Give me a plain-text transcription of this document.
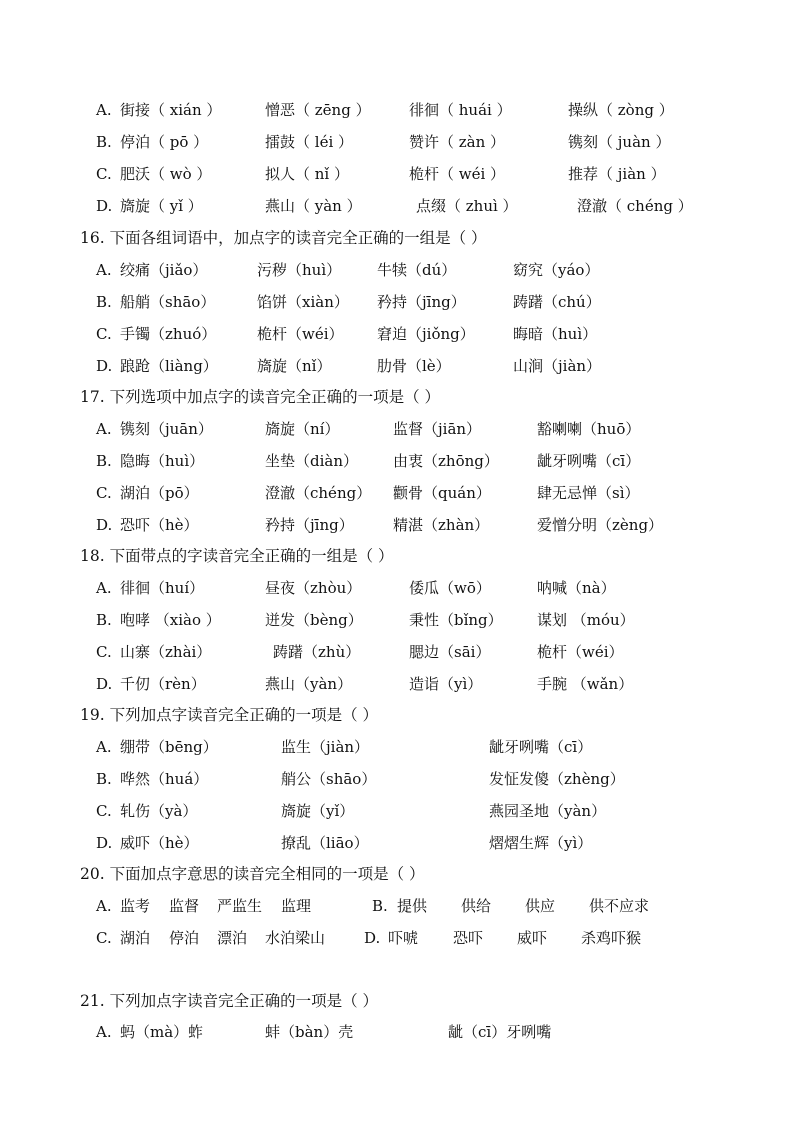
A. 街接（ xián ）	憎恶（ zēng ）	徘徊（ huái ）	操纵（ zòng ）
B. 停泊（ pō ）	擂鼓（ léi ）	赞许（ zàn ）	镌刻（ juàn ）
C. 肥沃（ wò ）	拟人（ nǐ ）	桅杆（ wéi ）	推荐（ jiàn ）
D. 旖旋（ yǐ ）	燕山（ yàn ）	点缀（ zhuì ）	澄澈（ chéng ）
16. 下面各组词语中，加点字的读音完全正确的一组是（ ）
A. 绞痛（jiǎo）	污秽（huì） 牛犊（dú）	窈究（yáo）
B. 船艄（shāo）	馅饼（xiàn） 矜持（jīng）	踌躇（chú）
C. 手镯（zhuó）	桅杆（wéi） 窘迫（jiǒng）	晦暗（huì）
D. 踉跄（liàng）	旖旋（nǐ）	肋骨（lè）	山涧（jiàn）
17. 下列选项中加点字的读音完全正确的一项是（ ）
A. 镌刻（juān）	旖旋（ní）	监督（jiān）	豁喇喇（huō）
B. 隐晦（huì）	坐垫（diàn） 由衷（zhōng）	龇牙咧嘴（cī）
C. 湖泊（pō）	澄澈（chéng） 颧骨（quán）	肆无忌惮（sì）
D. 恐吓（hè）	矜持（jīng）	精湛（zhàn）	爱憎分明（zèng）
18. 下面带点的字读音完全正确的一组是（ ）
A. 徘徊（huí）	昼夜（zhòu）	倭瓜（wō）	呐喊（nà）
B. 咆哮 （xiào ）	迸发（bèng）	秉性（bǐng） 谋划 （móu）
C. 山寨（zhài）	踌躇（zhù）	腮边（sāi）	桅杆（wéi）
D. 千仞（rèn）	燕山（yàn）	造诣（yì）	手腕 （wǎn）
19. 下列加点字读音完全正确的一项是（ ）
A. 绷带（bēng）	监生（jiàn）	龇牙咧嘴（cī）
B. 哗然（huá）	艄公（shāo）	发怔发傻（zhèng）
C. 轧伤（yà）	旖旋（yǐ）	燕园圣地（yàn）
D. 威吓（hè）	撩乱（liāo）	熠熠生辉（yì）
20. 下面加点字意思的读音完全相同的一项是（ ）
A. 监考 监督 严监生 监理	B. 提供 供给 供应 供不应求
C. 湖泊 停泊 漂泊 水泊梁山	D. 吓唬 恐吓 威吓 杀鸡吓猴
21. 下列加点字读音完全正确的一项是（ ）
A. 蚂（mà）蚱	蚌（bàn）壳	龇（cī）牙咧嘴
